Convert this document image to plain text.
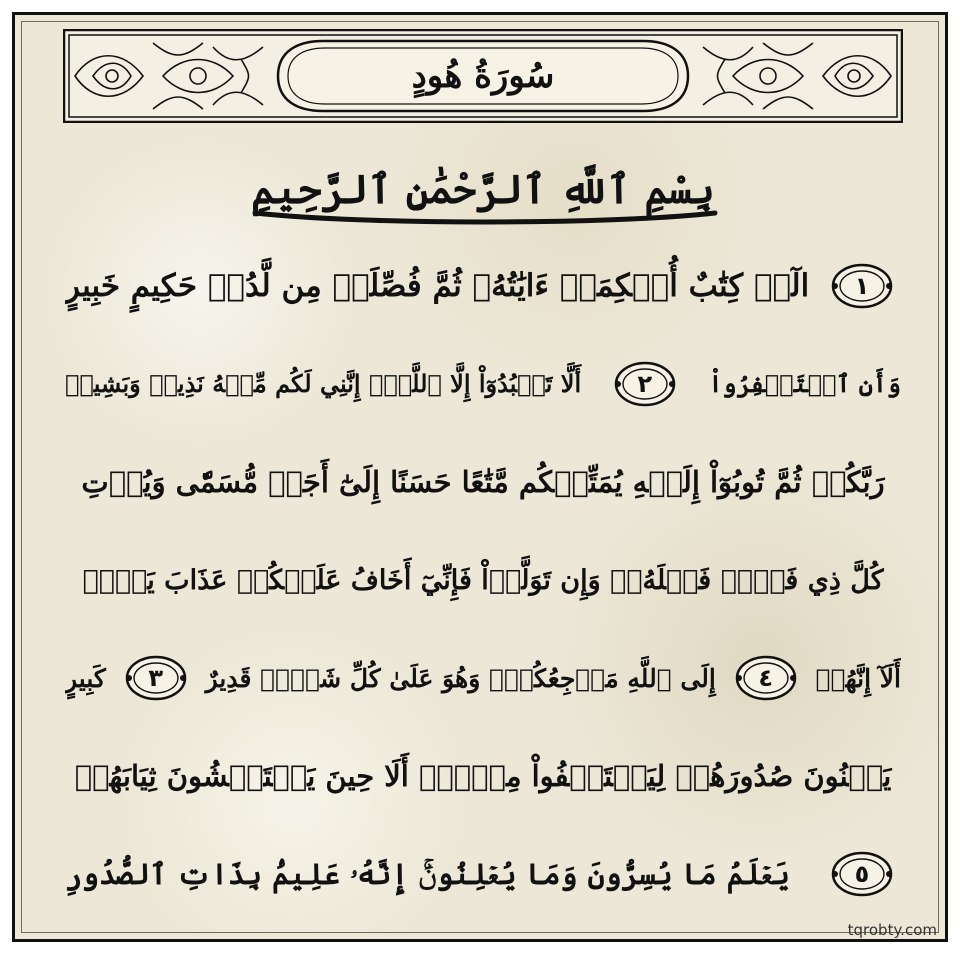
سُورَةُ هُودٍ
بِسْمِ ٱللَّهِ ٱلرَّحْمَٰنِ ٱلرَّحِيمِ
الٓرۚ كِتَٰبٌ أُحۡكِمَتۡ ءَايَٰتُهُۥ ثُمَّ فُصِّلَتۡ مِن لَّدُنۡ حَكِيمٍ خَبِيرٍ ١
أَلَّا تَعۡبُدُوٓاْ إِلَّا ٱللَّهَۚ إِنَّنِي لَكُم مِّنۡهُ نَذِيرٞ وَبَشِيرٞ ٢ وَأَنِ ٱسۡتَغۡفِرُواْ
رَبَّكُمۡ ثُمَّ تُوبُوٓاْ إِلَيۡهِ يُمَتِّعۡكُم مَّتَٰعًا حَسَنًا إِلَىٰٓ أَجَلٖ مُّسَمّٗى وَيُؤۡتِ
كُلَّ ذِي فَضۡلٖ فَضۡلَهُۥۖ وَإِن تَوَلَّوۡاْ فَإِنِّيٓ أَخَافُ عَلَيۡكُمۡ عَذَابَ يَوۡمٖ
كَبِيرٍ ٣ إِلَى ٱللَّهِ مَرۡجِعُكُمۡۖ وَهُوَ عَلَىٰ كُلِّ شَيۡءٖ قَدِيرٌ ٤ أَلَآ إِنَّهُمۡ
يَثۡنُونَ صُدُورَهُمۡ لِيَسۡتَخۡفُواْ مِنۡهُۚ أَلَا حِينَ يَسۡتَغۡشُونَ ثِيَابَهُمۡ
يَعۡلَمُ مَا يُسِرُّونَ وَمَا يُعۡلِنُونَۚ إِنَّهُۥ عَلِيمُۢ بِذَاتِ ٱلصُّدُورِ	٥
tqrobty.com
